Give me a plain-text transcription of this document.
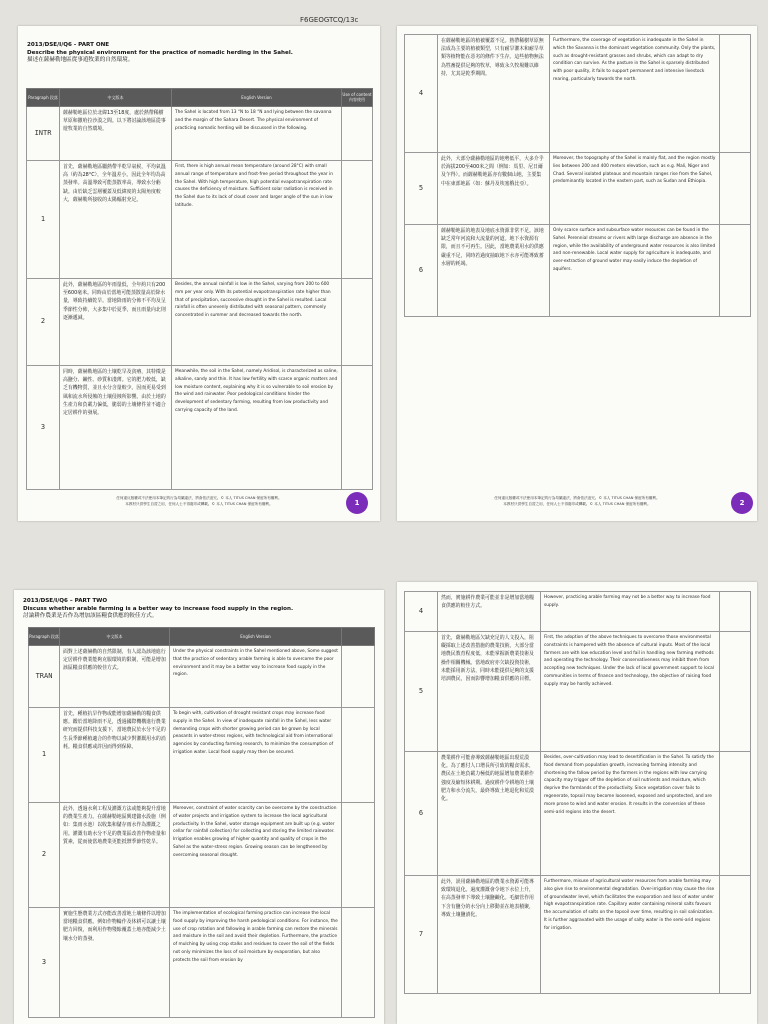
F6GEOGTCQ/13c
2013/DSE/I/Q6 - PART ONE
Describe the physical environment for the practice of nomadic herding in the Sahel.
描述在薩赫勒地區從事遊牧業的自然環境。
Paragraph 段落	中文版本	English Version	Use of content 內容使用
INTR	薩赫勒地區位於北緯13至18度，處於熱帶稀樹草原和撒哈拉沙漠之間。以下將討論該地區從事遊牧業的自然環境。	The Sahel is located from 13 °N to 18 °N and lying between the savanna and the margin of the Sahara Desert. The physical environment of practicing nomadic herding will be discussed in the following.	
1	首先，薩赫勒地區屬熱帶半乾旱氣候，平均氣溫高（約為28°C），全年溫差小。因此全年均為高蒸發率。高溫導致可能蒸散率高，導致水分虧缺。由於缺乏雲層覆蓋及低緯度的太陽角度較大，薩赫勒所接收的太陽輻射充足。	First, there is high annual mean temperature (around 28°C) with small annual range of temperature and frost-free period throughout the year in the Sahel. With high temperature, high potential evapotranspiration rate causes the deficiency of moisture. Sufficient solar radiation is received in the Sahel due to its lack of cloud cover and larger angle of the sun in low latitude.	
2	此外，薩赫勒地區的年雨量低，全年約只有200至600毫米。同時由於當地可能蒸散量高於降水量，導致持續乾旱。當地降雨的分佈不平均及呈季節性分佈，大多集中於夏季，而且雨量向北則逐漸遞減。	Besides, the annual rainfall is low in the Sahel, varying from 200 to 600 mm per year only. With its potential evapotranspiration rate higher than that of precipitation, successive drought in the Sahel is resulted. Local rainfall is often unevenly distributed with seasonal pattern, commonly concentrated in summer and decreased towards the north.	
3	同時，薩赫勒地區的土壤乾旱及貧瘠，其特徵是高鹽分、鹼性、砂質和淺薄。它的肥力較低，缺乏有機物質，並且水分含量較少。因而更易受到風和流水所侵蝕的土壤侵蝕所影響。由於土地的生產力和負載力偏低，脆弱的土壤條件並不適合定居耕作的發展。	Meanwhile, the soil in the Sahel, namely Aridisol, is characterized as saline, alkaline, sandy and thin. It has low fertility with scarce organic matters and low moisture content, explaining why it is so vulnerable to soil erosion by the wind and rainwater. Poor pedological conditions hinder the development of sedentary farming, resulting from low productivity and carrying capacity of the land.	
任何違反版權或不法使用本筆記的行為均屬違法，將會依法追究。© 本人 TITUS CHAN 保留所有權利。
本教材只供學生自習之用，任何人士不得複印或轉載。© 本人 TITUS CHAN 保留所有權利。	1
4	在薩赫勒地區的植被覆蓋不足。熱帶稀樹草原無法成為主要的植被類型，只有耐旱灌木和耐旱草類等植物能在惡劣的條件下生存。這些植物無法為牲畜提供足夠的牧草，導致永久牧場難以維持，尤其是乾季期間。	Furthermore, the coverage of vegetation is inadequate in the Sahel in which the Savanna is the dominant vegetation community. Only the plants, such as drought-resistant grasses and shrubs, which can adapt to dry condition can survive. As the pasture in the Sahel is sparsely distributed with poor quality, it fails to support permanent and intensive livestock rearing, particularly towards the north.	
5	此外，大部分薩赫勒地區的地勢低平，大多介乎於海拔200至400米之間（例如：馬里、尼日爾及乍得）。而薩赫勒地區亦有數個山地，主要集中在東部地區（如：蘇丹及埃塞俄比亞）。	Moreover, the topography of the Sahel is mainly flat, and the region mostly lies between 200 and 400 meters elevation, such as e.g. Mali, Niger and Chad. Several isolated plateaus and mountain ranges rise from the Sahel, predominantly located in the eastern part, such as Sudan and Ethiopia.	
6	薩赫勒地區的地表及地底水資源非常不足。該地缺乏常年河流和大流量的河道。地下水資源有限，而且不可再生。因此，當地農業用水的供應嚴重不足，同時若過度抽取地下水亦可能導致蓄水層的耗竭。	Only scarce surface and subsurface water resources can be found in the Sahel. Perennial streams or rivers with large discharge are absence in the region, while the availability of underground water resources is also limited and non-renewable. Local water supply for agriculture is inadequate, and over-extraction of ground water may easily induce the depletion of aquifers.	
任何違反版權或不法使用本筆記的行為均屬違法，將會依法追究。© 本人 TITUS CHAN 保留所有權利。
本教材只供學生自習之用，任何人士不得複印或轉載。© 本人 TITUS CHAN 保留所有權利。	2
2013/DSE/I/Q6 – PART TWO
Discuss whether arable farming is a better way to increase food supply in the region.
討論耕作農業是否作為增加該區糧食供應的較佳方式。
Paragraph 段落	中文版本	English Version	
TRAN	面對上述薩赫勒的自然限制，有人認為該地進行定居耕作農業能夠克服環境的限制，可能是增加該區糧食供應的較佳方式。	Under the physical constraints in the Sahel mentioned above, Some suggest that the practice of sedentary arable farming is able to overcome the poor environment and it may be a better way to increase food supply in the region.	
1	首先，種植抗旱作物或能增加薩赫勒的糧食供應。鑑於當地降雨不足，透過國際機構進行農業研究而提供科技支援下，當地農民於水分不足的生長季節種植適合的作物以減少對灌溉用水的消耗。糧食供應或許因而得到保障。	To begin with, cultivation of drought resistant crops may increase food supply in the Sahel. In view of inadequate rainfall in the Sahel, less water demanding crops with shorter growing period can be grown by local peasants in water-stress regions, with technological aid from international agencies by conducting farming research, to minimize the consumption of irrigation water. Local food supply may then be secured.	
2	此外，透過水利工程及灌溉方法或能夠提升當地的農業生產力。在薩赫勒地區興建儲水設施（例如：集雨水池）以收集和儲存雨水作為灌溉之用。灌溉有助水分不足的農業區改善作物產量和質素，從而使當地農業更能抵禦季節性乾旱。	Moreover, constraint of water scarcity can be overcome by the construction of water projects and irrigation system to increase the local agricultural productivity. In the Sahel, water storage equipment are built up (e.g. water cellar for rainfall collection) for collecting and storing the limited rainwater. Irrigation enables growing of higher quantity and quality of crops in the Sahel as the water-stress region. Growing season can be lengthened by overcoming seasonal drought.	
3	實施生態農業方式亦能改善當地土壤條件以增加當地糧食供應。例如作物輪作及休耕可以讓土壤肥力回復，而利用作物殘餘覆蓋土地亦能減少土壤水分的蒸發。	The implementation of ecological farming practice can increase the local food supply by improving the harsh pedological conditions. For instance, the use of crop rotation and fallowing in arable farming can restore the minerals and moisture in the soil and avoid their depletion. Furthermore, the practice of mulching by using crop stalks and residues to cover the soil of the fields not only minimizes the loss of soil moisture by evaporation, but also protects the soil from erosion by	
4	然而，實施耕作農業可能並非是增加當地糧食供應的較佳方式。	However, practicing arable farming may not be a better way to increase food supply.	
5	首先，薩赫勒地區欠缺充足的人文投入，阻礙採取上述改善措施的農業技術。大部分當地農民教育程度低，未能掌握新農業技術及操作相關機械。當地政府亦欠缺投資技術，未能採用新方法，同時未能提供足夠的支援培訓農民，因而影響增加糧食供應的目標。	First, the adoption of the above techniques to overcome those environmental constraints is hampered with the absence of cultural inputs. Most of the local farmers are with low education level and fail in handling new farming methods and operating the technology. Their conservativeness may inhibit them from accepting new techniques. Under the lack of local government support to local communities in terms of finance and technology, the objective of raising food supply may be hardly achieved.	
6	農業耕作可能會導致薩赫勒地區出現荒漠化。為了應付人口增長所引致的糧食需求，農民在土地負載力極低的地區增加農業耕作強度及縮短休耕期。過度耕作令耕地的土壤肥力和水分流失，最終導致土地退化和荒漠化。	Besides, over-cultivation may lead to desertification in the Sahel. To satisfy the food demand from population growth, increasing farming intensity and shortening the fallow period by the farmers in the regions with low carrying capacity may trigger off the depletion of soil nutrients and moisture, which deprive the farmlands of the productivity. Since vegetation cover fails to regenerate, topsoil may become loosened, exposed and unprotected, and are more prone to wind and water erosion. It results in the conversion of these semi-arid regions into the desert.	
7	此外，誤用薩赫勒地區的農業水資源可能導致環境退化。過度灌溉會令地下水位上升，在高蒸發率下導致土壤鹽鹼化。毛細管作用下含有鹽分的水分向上移動並在地表積聚，導致土壤鹽漬化。	Furthermore, misuse of agricultural water resources from arable farming may also give rise to environmental degradation. Over-irrigation may cause the rise of groundwater level, which facilitates the evaporation and loss of water under high evapotranspiration rate. Capillary water containing mineral salts favours the accumulation of salts on the topsoil over time, resulting in soil salinization. It is further aggravated with the usage of salty water in the semi-arid regions for irrigation.	
